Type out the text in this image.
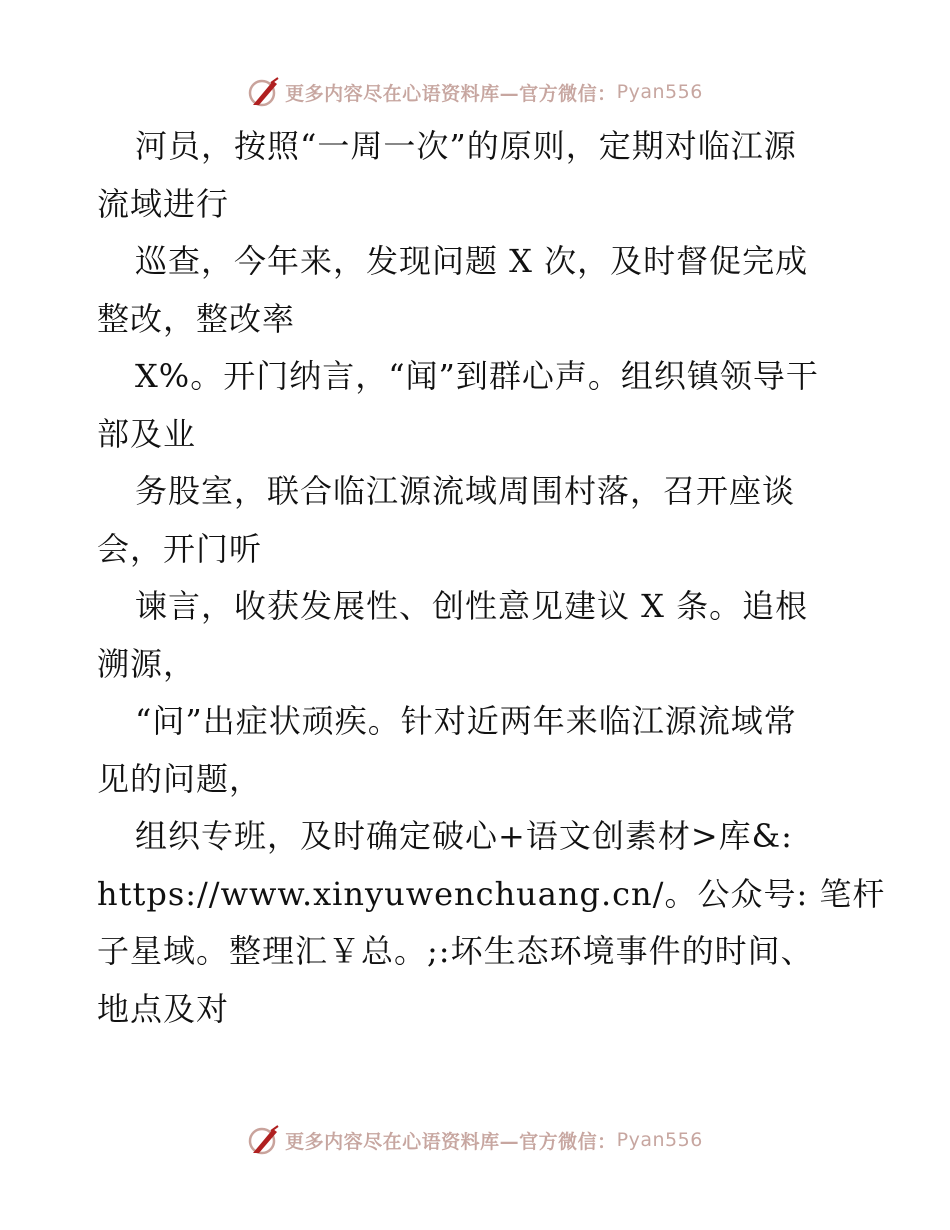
更多内容尽在心语资料库—官方微信： Pyan556
河员，按照“一周一次”的原则，定期对临江源
流域进行
巡查，今年来，发现问题 X 次，及时督促完成
整改，整改率
X%。开门纳言，“闻”到群心声。组织镇领导干
部及业
务股室，联合临江源流域周围村落，召开座谈
会，开门听
谏言，收获发展性、创性意见建议 X 条。追根
溯源，
“问”出症状顽疾。针对近两年来临江源流域常
见的问题，
组织专班，及时确定破心+语文创素材>库&:
https://www.xinyuwenchuang.cn/。公众号: 笔杆
子星域。整理汇￥总。;:坏生态环境事件的时间、
地点及对
更多内容尽在心语资料库—官方微信： Pyan556
